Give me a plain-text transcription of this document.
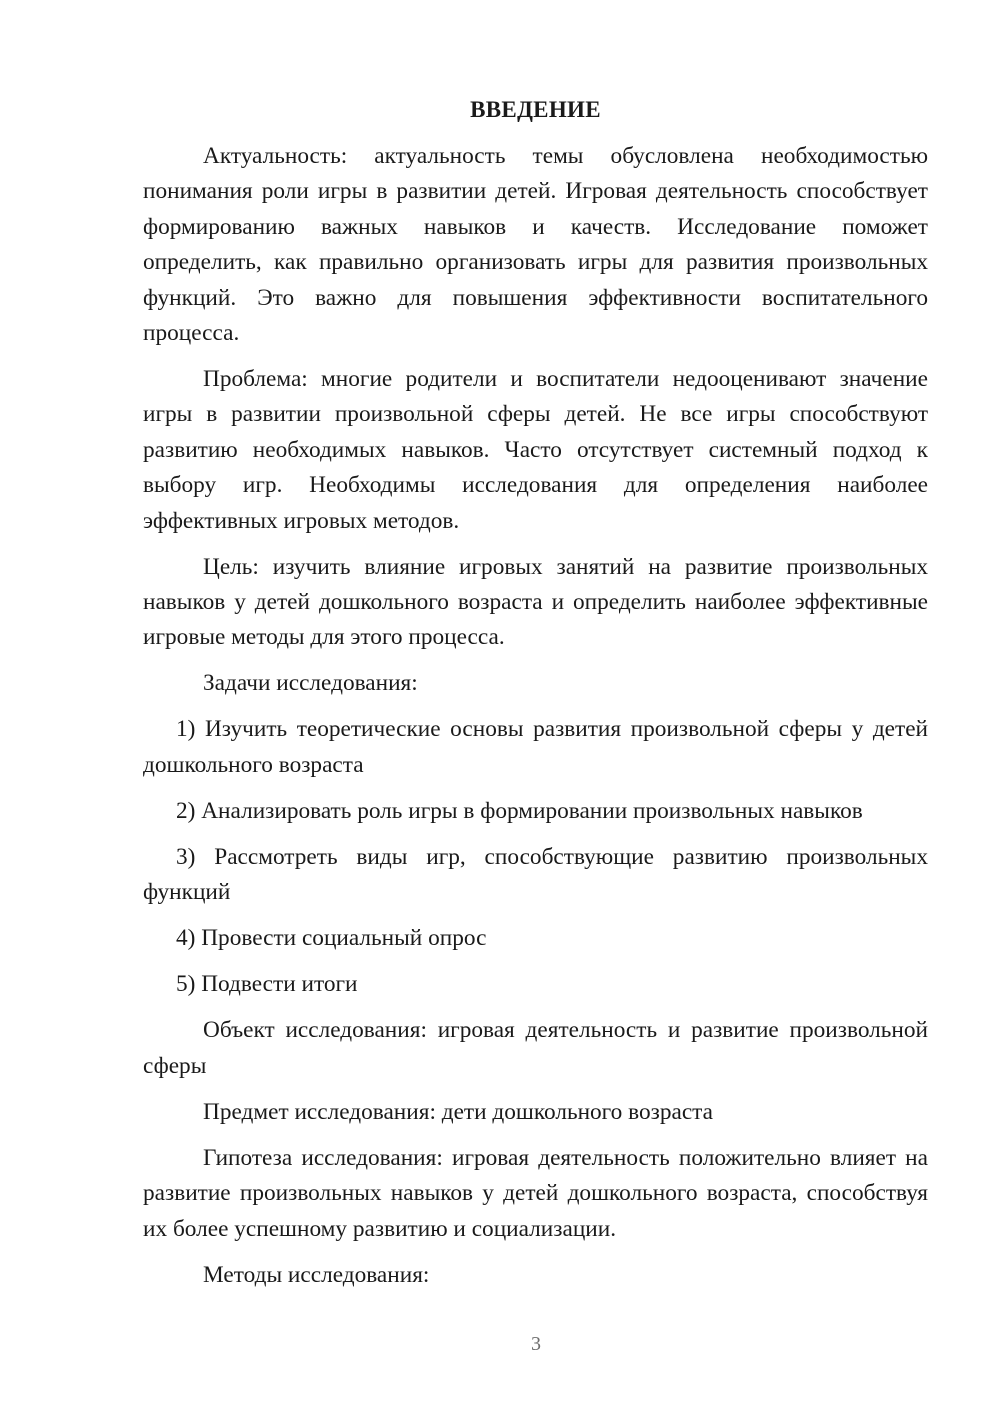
ВВЕДЕНИЕ

Актуальность: актуальность темы обусловлена необходимостью понимания роли игры в развитии детей. Игровая деятельность способствует формированию важных навыков и качеств. Исследование поможет определить, как правильно организовать игры для развития произвольных функций. Это важно для повышения эффективности воспитательного процесса.

Проблема: многие родители и воспитатели недооценивают значение игры в развитии произвольной сферы детей. Не все игры способствуют развитию необходимых навыков. Часто отсутствует системный подход к выбору игр. Необходимы исследования для определения наиболее эффективных игровых методов.

Цель: изучить влияние игровых занятий на развитие произвольных навыков у детей дошкольного возраста и определить наиболее эффективные игровые методы для этого процесса.

Задачи исследования:

1) Изучить теоретические основы развития произвольной сферы у детей дошкольного возраста

2) Анализировать роль игры в формировании произвольных навыков

3) Рассмотреть виды игр, способствующие развитию произвольных функций

4) Провести социальный опрос

5) Подвести итоги

Объект исследования: игровая деятельность и развитие произвольной сферы

Предмет исследования: дети дошкольного возраста

Гипотеза исследования: игровая деятельность положительно влияет на развитие произвольных навыков у детей дошкольного возраста, способствуя их более успешному развитию и социализации.

Методы исследования:

3
